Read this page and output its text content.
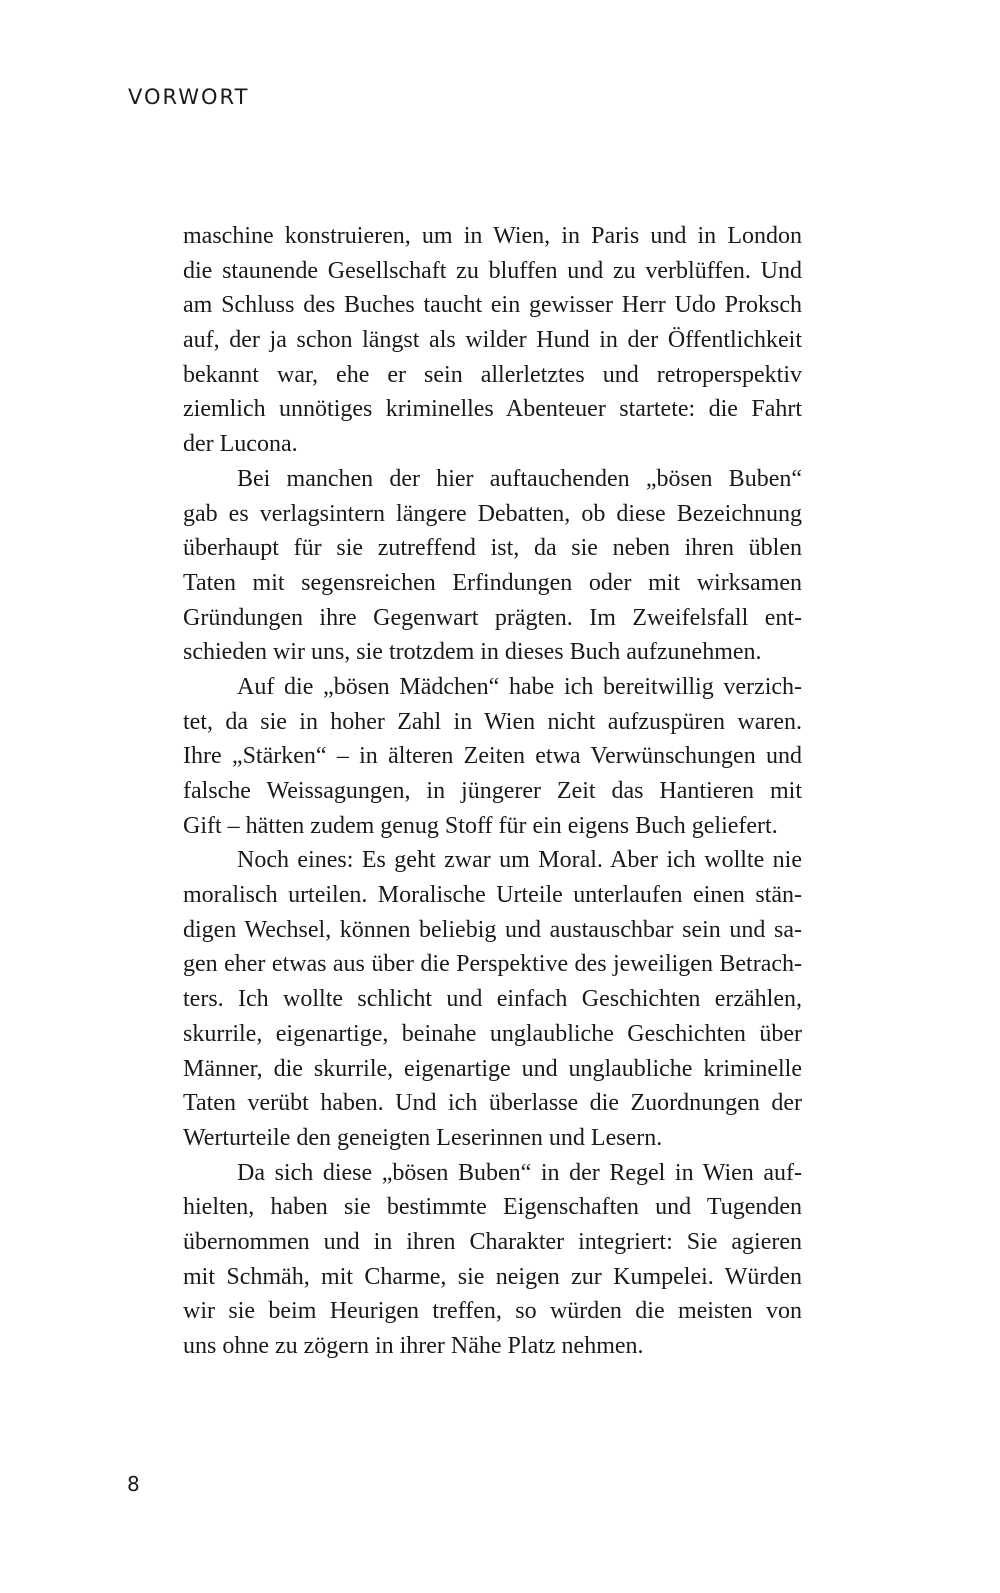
VORWORT
maschine konstruieren, um in Wien, in Paris und in London
die staunende Gesellschaft zu bluffen und zu verblüffen. Und
am Schluss des Buches taucht ein gewisser Herr Udo Proksch
auf, der ja schon längst als wilder Hund in der Öffentlichkeit
bekannt war, ehe er sein allerletztes und retroperspektiv
ziemlich unnötiges kriminelles Abenteuer startete: die Fahrt
der Lucona.
Bei manchen der hier auftauchenden „bösen Buben“
gab es verlagsintern längere Debatten, ob diese Bezeichnung
überhaupt für sie zutreffend ist, da sie neben ihren üblen
Taten mit segensreichen Erfindungen oder mit wirksamen
Gründungen ihre Gegenwart prägten. Im Zweifelsfall ent-
schieden wir uns, sie trotzdem in dieses Buch aufzunehmen.
Auf die „bösen Mädchen“ habe ich bereitwillig verzich-
tet, da sie in hoher Zahl in Wien nicht aufzuspüren waren.
Ihre „Stärken“ – in älteren Zeiten etwa Verwünschungen und
falsche Weissagungen, in jüngerer Zeit das Hantieren mit
Gift – hätten zudem genug Stoff für ein eigens Buch geliefert.
Noch eines: Es geht zwar um Moral. Aber ich wollte nie
moralisch urteilen. Moralische Urteile unterlaufen einen stän-
digen Wechsel, können beliebig und austauschbar sein und sa-
gen eher etwas aus über die Perspektive des jeweiligen Betrach-
ters. Ich wollte schlicht und einfach Geschichten erzählen,
skurrile, eigenartige, beinahe unglaubliche Geschichten über
Männer, die skurrile, eigenartige und unglaubliche kriminelle
Taten verübt haben. Und ich überlasse die Zuordnungen der
Werturteile den geneigten Leserinnen und Lesern.
Da sich diese „bösen Buben“ in der Regel in Wien auf-
hielten, haben sie bestimmte Eigenschaften und Tugenden
übernommen und in ihren Charakter integriert: Sie agieren
mit Schmäh, mit Charme, sie neigen zur Kumpelei. Würden
wir sie beim Heurigen treffen, so würden die meisten von
uns ohne zu zögern in ihrer Nähe Platz nehmen.
8
